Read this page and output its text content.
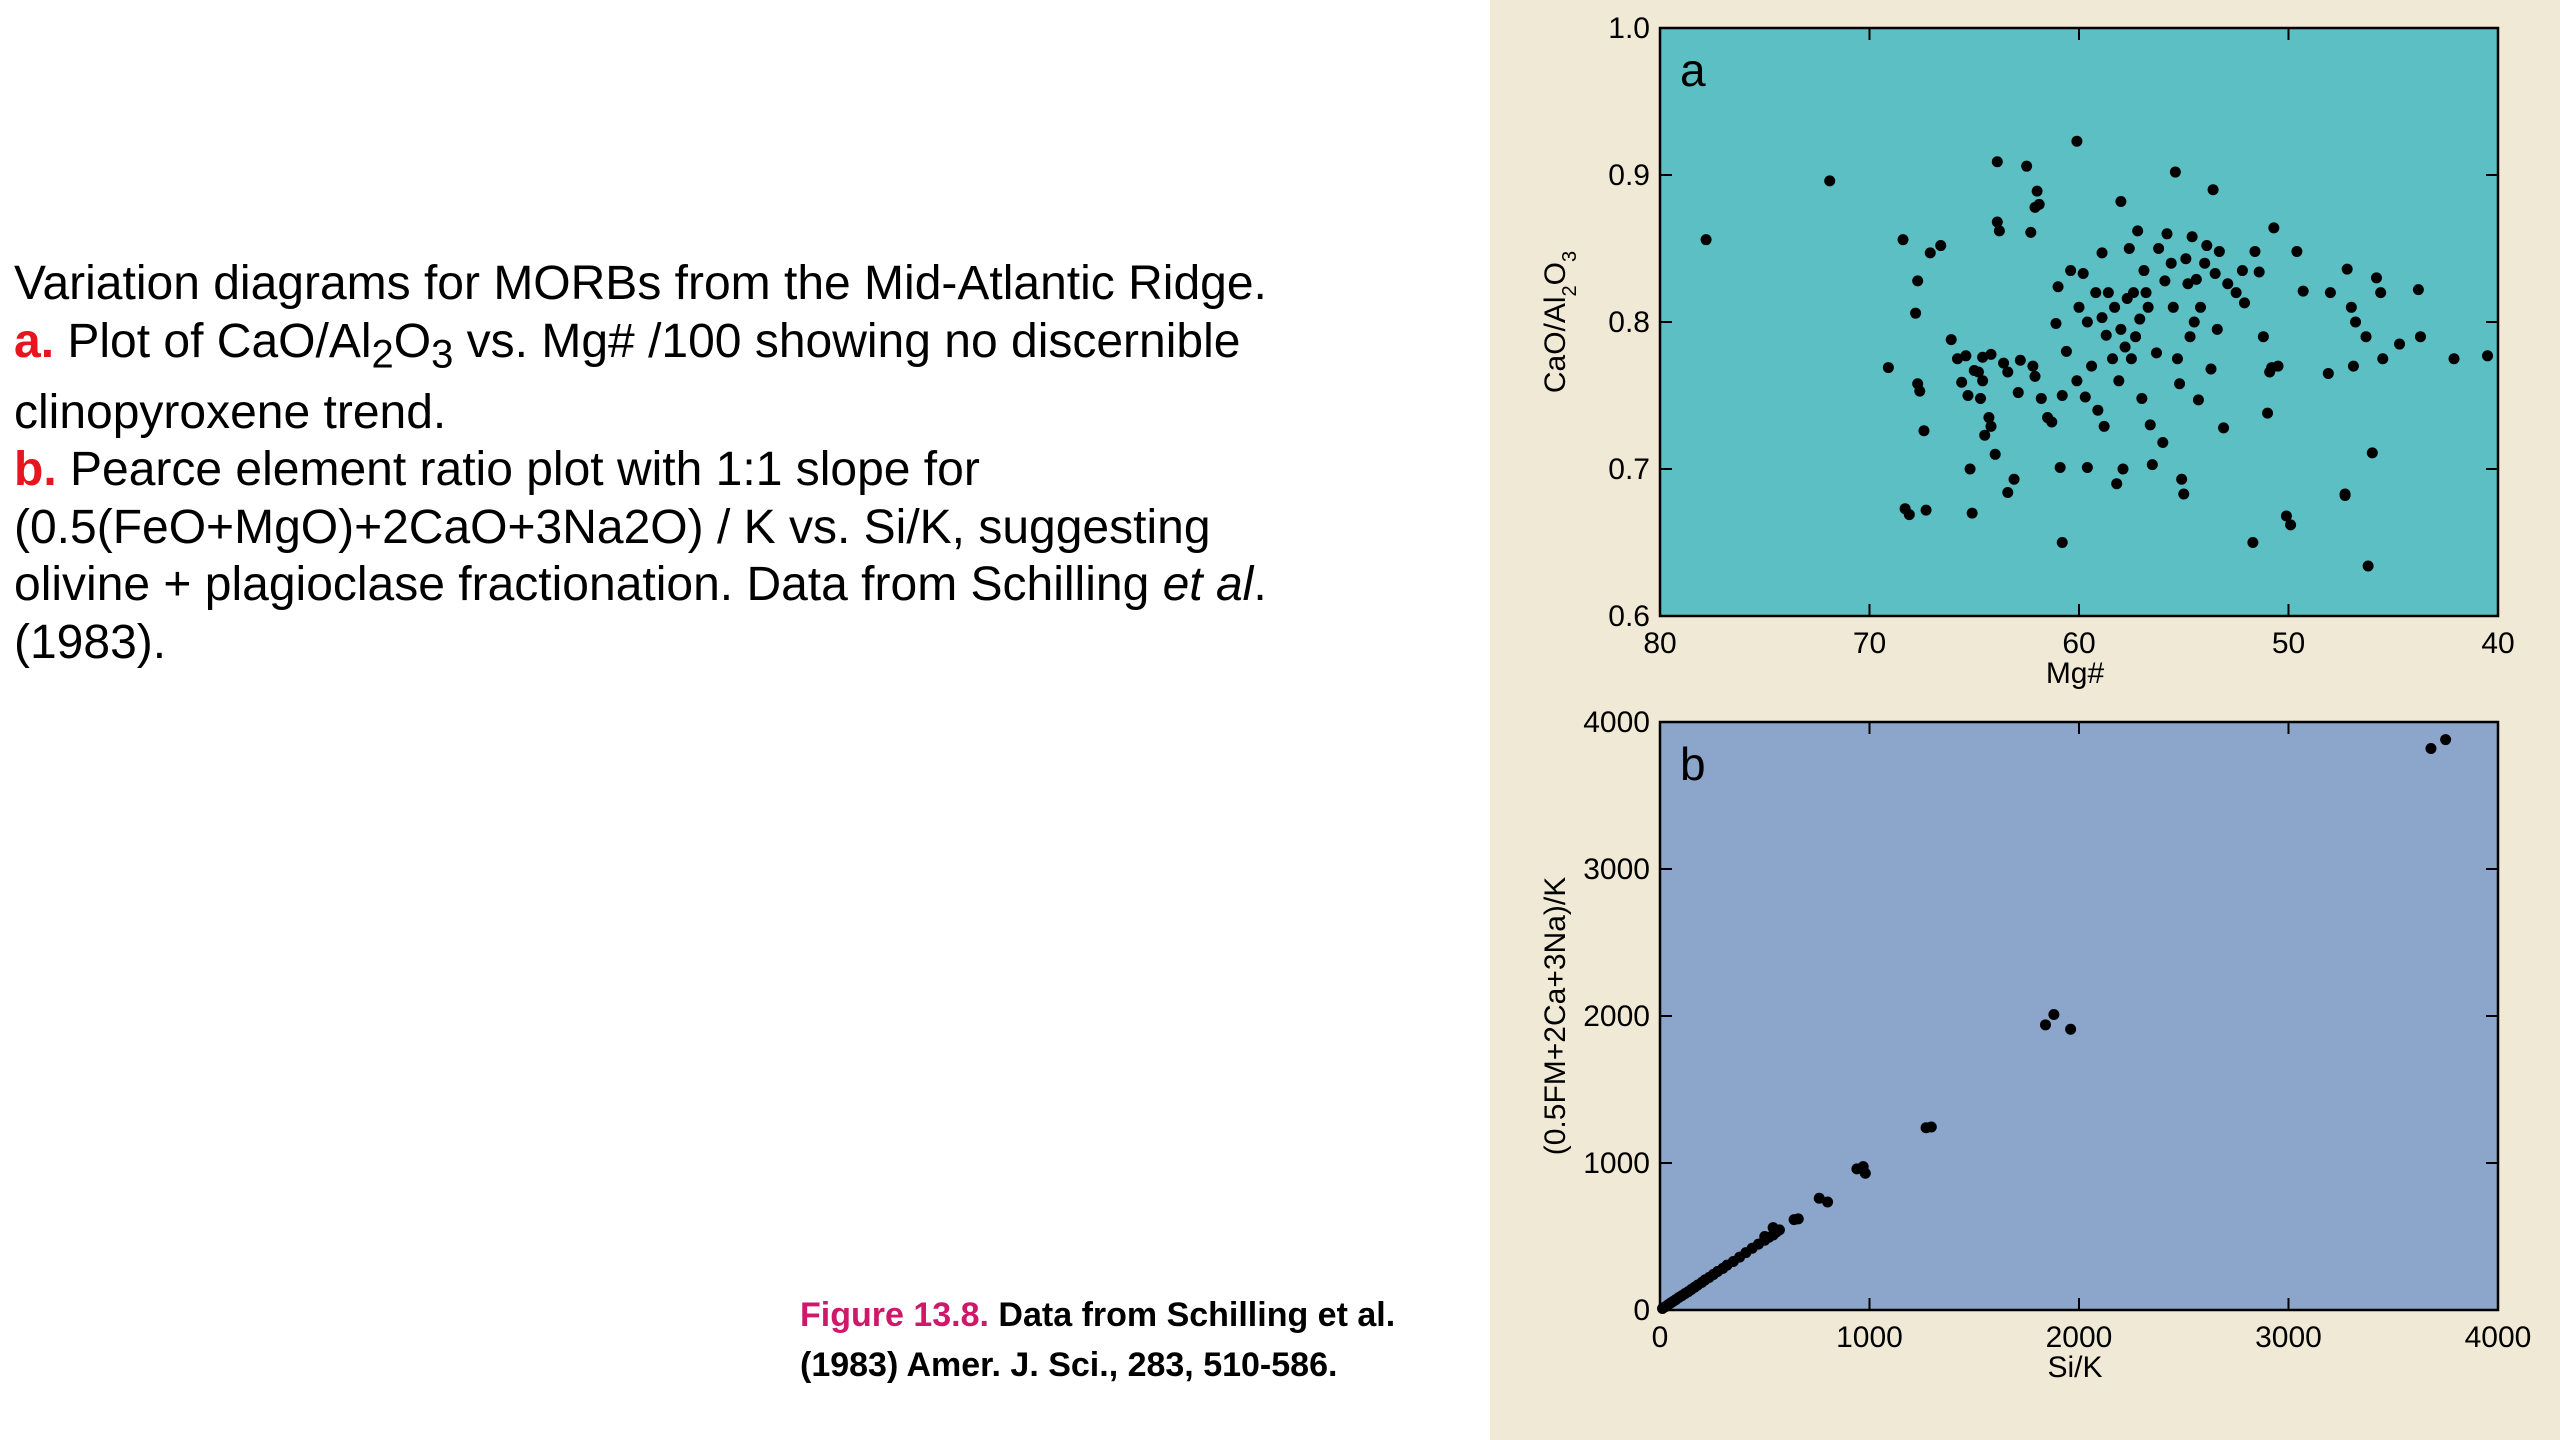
Variation diagrams for MORBs from the Mid-Atlantic Ridge.

a. Plot of CaO/$Al_2O_3$ vs. Mg# /100 showing no discernible clinopyroxene trend.

b. Pearce element ratio plot with 1:1 slope for (0.5(FeO+MgO)+2CaO+3Na2O) / K vs. Si/K, suggesting olivine + plagioclase fractionation. Data from Schilling et al. (1983).

Figure 13.8. Data from Schilling et al. (1983) Amer. J. Sci., 283, 510-586.
80	70	60	50	40
0.6
0.7
0.8
0.9
1.0
a
Mg#
CaO/$Al_2O_3$
0	1000	2000	3000	4000
0
1000
2000
3000
4000
b
Si/K
(0.5FM+2Ca+3Na)/K
